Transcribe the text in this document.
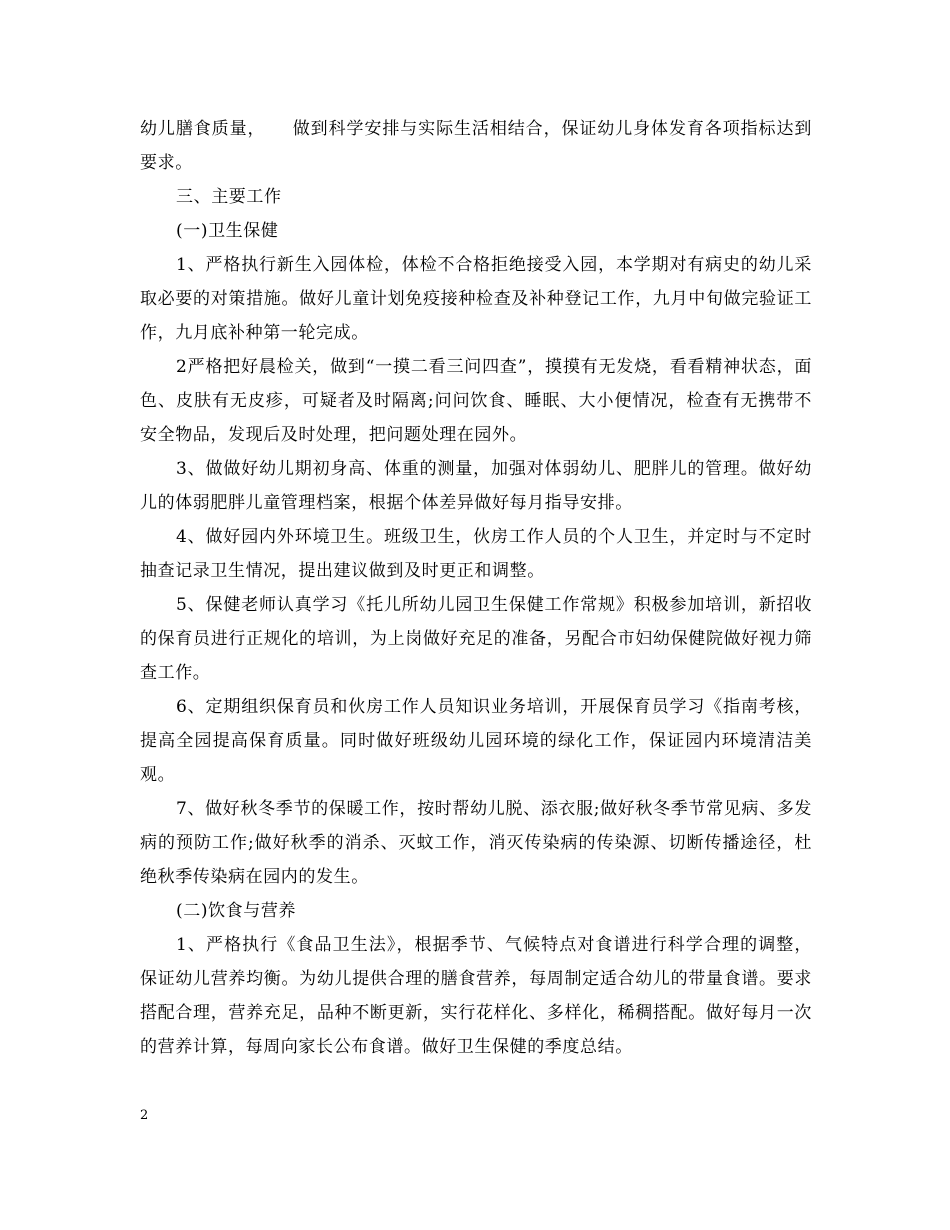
幼儿膳食质量，　　做到科学安排与实际生活相结合，保证幼儿身体发育各项指标达到要求。

三、主要工作

(一)卫生保健

1、严格执行新生入园体检，体检不合格拒绝接受入园，本学期对有病史的幼儿采取必要的对策措施。做好儿童计划免疫接种检查及补种登记工作，九月中旬做完验证工作，九月底补种第一轮完成。

2严格把好晨检关，做到“一摸二看三问四查”，摸摸有无发烧，看看精神状态，面色、皮肤有无皮疹，可疑者及时隔离;问问饮食、睡眠、大小便情况，检查有无携带不安全物品，发现后及时处理，把问题处理在园外。

3、做做好幼儿期初身高、体重的测量，加强对体弱幼儿、肥胖儿的管理。做好幼儿的体弱肥胖儿童管理档案，根据个体差异做好每月指导安排。

4、做好园内外环境卫生。班级卫生，伙房工作人员的个人卫生，并定时与不定时抽查记录卫生情况，提出建议做到及时更正和调整。

5、保健老师认真学习《托儿所幼儿园卫生保健工作常规》积极参加培训，新招收的保育员进行正规化的培训，为上岗做好充足的准备，另配合市妇幼保健院做好视力筛查工作。

6、定期组织保育员和伙房工作人员知识业务培训，开展保育员学习《指南考核，提高全园提高保育质量。同时做好班级幼儿园环境的绿化工作，保证园内环境清洁美观。

7、做好秋冬季节的保暖工作，按时帮幼儿脱、添衣服;做好秋冬季节常见病、多发病的预防工作;做好秋季的消杀、灭蚊工作，消灭传染病的传染源、切断传播途径，杜绝秋季传染病在园内的发生。

(二)饮食与营养

1、严格执行《食品卫生法》，根据季节、气候特点对食谱进行科学合理的调整，保证幼儿营养均衡。为幼儿提供合理的膳食营养，每周制定适合幼儿的带量食谱。要求搭配合理，营养充足，品种不断更新，实行花样化、多样化，稀稠搭配。做好每月一次的营养计算，每周向家长公布食谱。做好卫生保健的季度总结。

2
